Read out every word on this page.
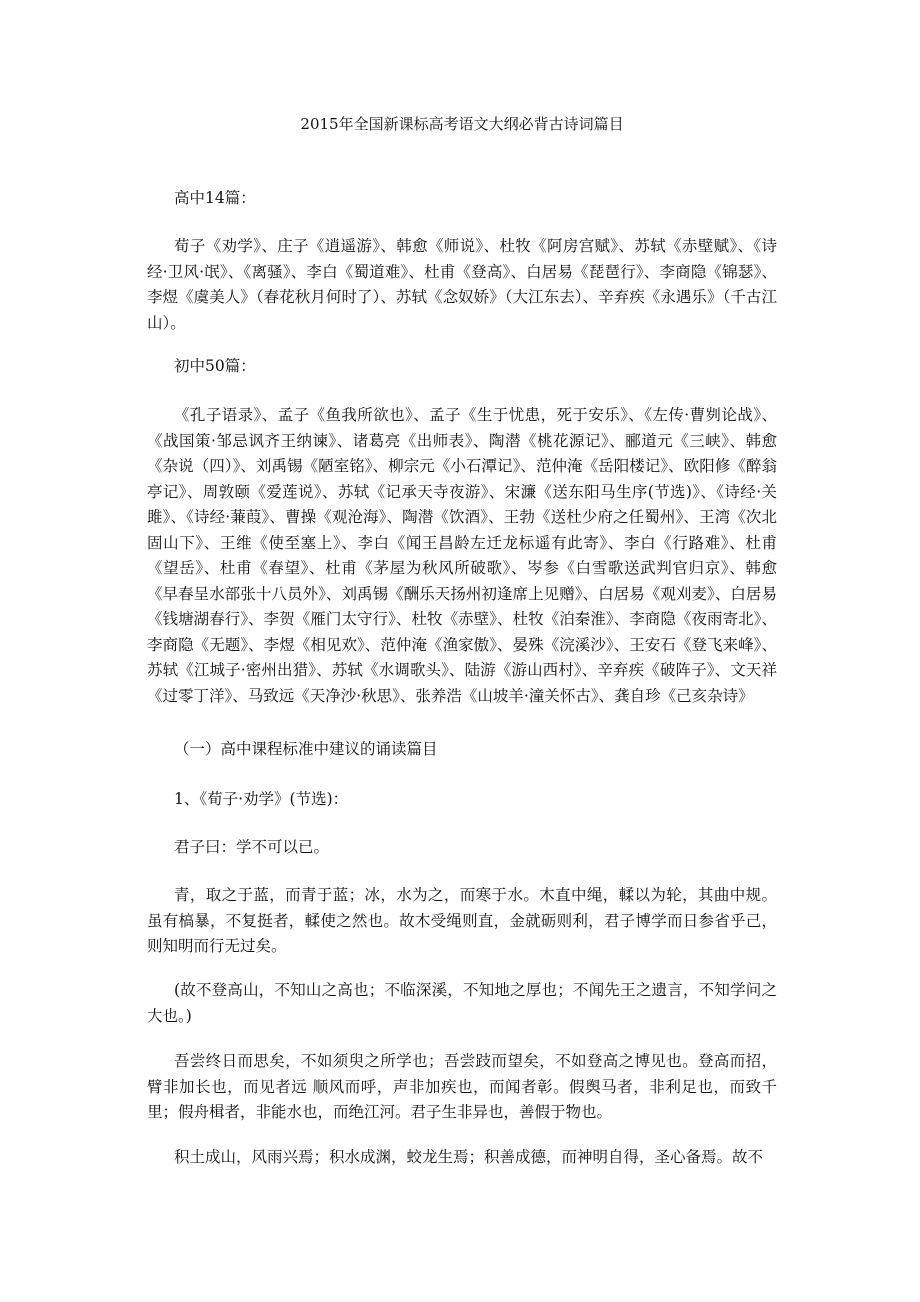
2015年全国新课标高考语文大纲必背古诗词篇目

高中14篇：

荀子《劝学》、庄子《逍遥游》、韩愈《师说》、杜牧《阿房宫赋》、苏轼《赤壁赋》、《诗经·卫风·氓》、《离骚》、李白《蜀道难》、杜甫《登高》、白居易《琵琶行》、李商隐《锦瑟》、李煜《虞美人》（春花秋月何时了）、苏轼《念奴娇》（大江东去）、辛弃疾《永遇乐》（千古江山）。

初中50篇：

《孔子语录》、孟子《鱼我所欲也》、孟子《生于忧患，死于安乐》、《左传·曹刿论战》、《战国策·邹忌讽齐王纳谏》、诸葛亮《出师表》、陶潜《桃花源记》、郦道元《三峡》、韩愈《杂说（四）》、刘禹锡《陋室铭》、柳宗元《小石潭记》、范仲淹《岳阳楼记》、欧阳修《醉翁亭记》、周敦颐《爱莲说》、苏轼《记承天寺夜游》、宋濂《送东阳马生序(节选)》、《诗经·关雎》、《诗经·蒹葭》、曹操《观沧海》、陶潜《饮酒》、王勃《送杜少府之任蜀州》、王湾《次北固山下》、王维《使至塞上》、李白《闻王昌龄左迁龙标遥有此寄》、李白《行路难》、杜甫《望岳》、杜甫《春望》、杜甫《茅屋为秋风所破歌》、岑参《白雪歌送武判官归京》、韩愈《早春呈水部张十八员外》、刘禹锡《酬乐天扬州初逢席上见赠》、白居易《观刈麦》、白居易《钱塘湖春行》、李贺《雁门太守行》、杜牧《赤壁》、杜牧《泊秦淮》、李商隐《夜雨寄北》、李商隐《无题》、李煜《相见欢》、范仲淹《渔家傲》、晏殊《浣溪沙》、王安石《登飞来峰》、苏轼《江城子·密州出猎》、苏轼《水调歌头》、陆游《游山西村》、辛弃疾《破阵子》、文天祥《过零丁洋》、马致远《天净沙·秋思》、张养浩《山坡羊·潼关怀古》、龚自珍《己亥杂诗》

（一）高中课程标准中建议的诵读篇目

1、《荀子·劝学》(节选)：

君子曰：学不可以已。

青，取之于蓝，而青于蓝；冰，水为之，而寒于水。木直中绳，輮以为轮，其曲中规。虽有槁暴，不复挺者，輮使之然也。故木受绳则直，金就砺则利，君子博学而日参省乎己，则知明而行无过矣。

(故不登高山，不知山之高也；不临深溪，不知地之厚也；不闻先王之遗言，不知学问之大也。)

吾尝终日而思矣，不如须臾之所学也；吾尝跂而望矣，不如登高之博见也。登高而招，臂非加长也，而见者远 顺风而呼，声非加疾也，而闻者彰。假舆马者，非利足也，而致千里；假舟楫者，非能水也，而绝江河。君子生非异也，善假于物也。

积土成山，风雨兴焉；积水成渊，蛟龙生焉；积善成德，而神明自得，圣心备焉。故不
